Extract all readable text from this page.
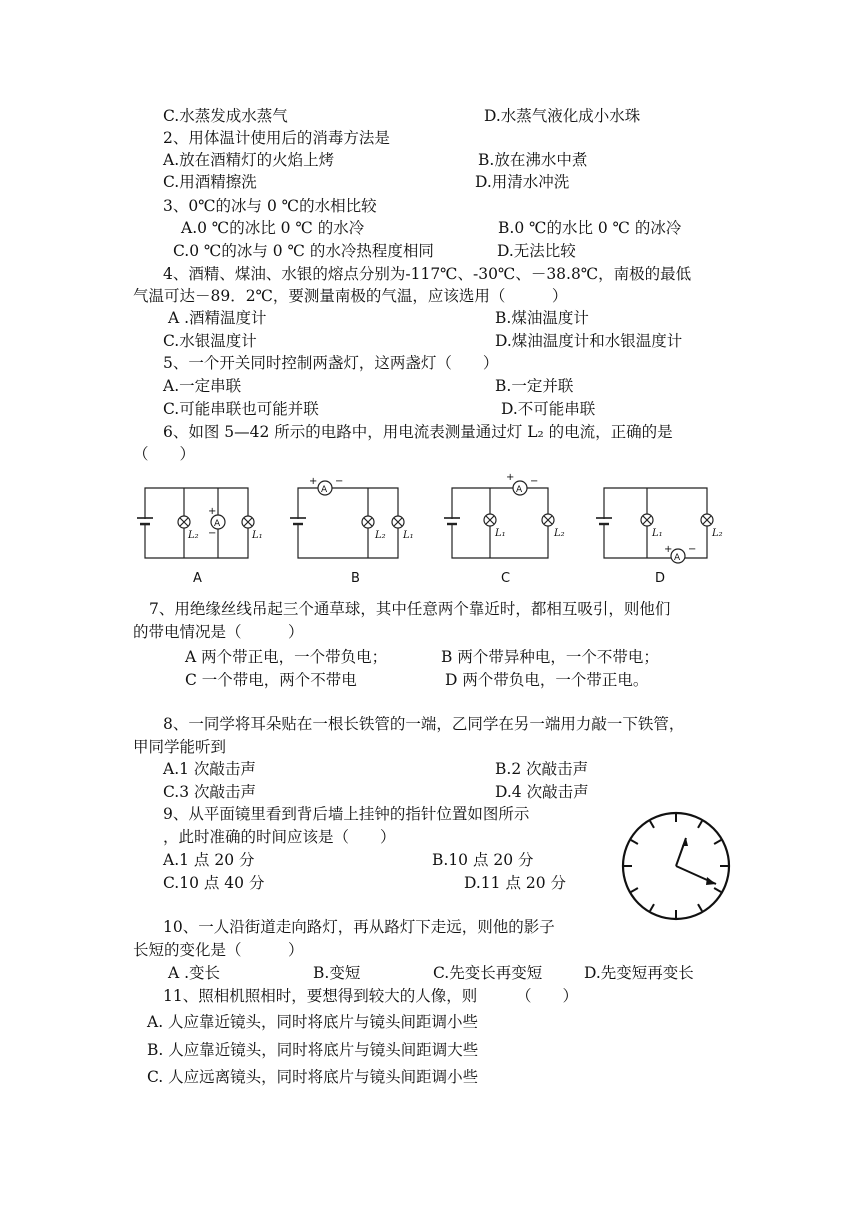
C.水蒸发成水蒸气	D.水蒸气液化成小水珠
2、用体温计使用后的消毒方法是
A.放在酒精灯的火焰上烤	B.放在沸水中煮
C.用酒精擦洗	D.用清水冲洗
3、0℃的冰与 0 ℃的水相比较
A.0 ℃的冰比 0 ℃ 的水冷	B.0 ℃的水比 0 ℃ 的冰冷
C.0 ℃的冰与 0 ℃ 的水冷热程度相同	D.无法比较
4、酒精、煤油、水银的熔点分别为-117℃、-30℃、－38.8℃，南极的最低
气温可达－89．2℃，要测量南极的气温，应该选用（　　　）
A .酒精温度计	B.煤油温度计
C.水银温度计	D.煤油温度计和水银温度计
5、一个开关同时控制两盏灯，这两盏灯（　　）
A.一定串联	B.一定并联
C.可能串联也可能并联	D.不可能串联
6、如图 5—42 所示的电路中，用电流表测量通过灯 L₂ 的电流，正确的是
（　　）
A
+
−
L₂	L₁
A
A
+ −
L₂ L₁
B
A
+ −
L₁	L₂
C
A
+ −
L₁	L₂
D
7、用绝缘丝线吊起三个通草球，其中任意两个靠近时，都相互吸引，则他们
的带电情况是（　　　）
A 两个带正电，一个带负电；	B 两个带异种电，一个不带电；
C 一个带电，两个不带电	D 两个带负电，一个带正电。
8、一同学将耳朵贴在一根长铁管的一端，乙同学在另一端用力敲一下铁管，
甲同学能听到
A.1 次敲击声	B.2 次敲击声
C.3 次敲击声	D.4 次敲击声
9、从平面镜里看到背后墙上挂钟的指针位置如图所示
，此时准确的时间应该是（　　）
A.1 点 20 分	B.10 点 20 分
C.10 点 40 分	D.11 点 20 分
10、一人沿街道走向路灯，再从路灯下走远，则他的影子
长短的变化是（　　　）
A .变长	B.变短	C.先变长再变短	D.先变短再变长
11、照相机照相时，要想得到较大的人像，则　　　（　　）
A. 人应靠近镜头，同时将底片与镜头间距调小些
B. 人应靠近镜头，同时将底片与镜头间距调大些
C. 人应远离镜头，同时将底片与镜头间距调小些
